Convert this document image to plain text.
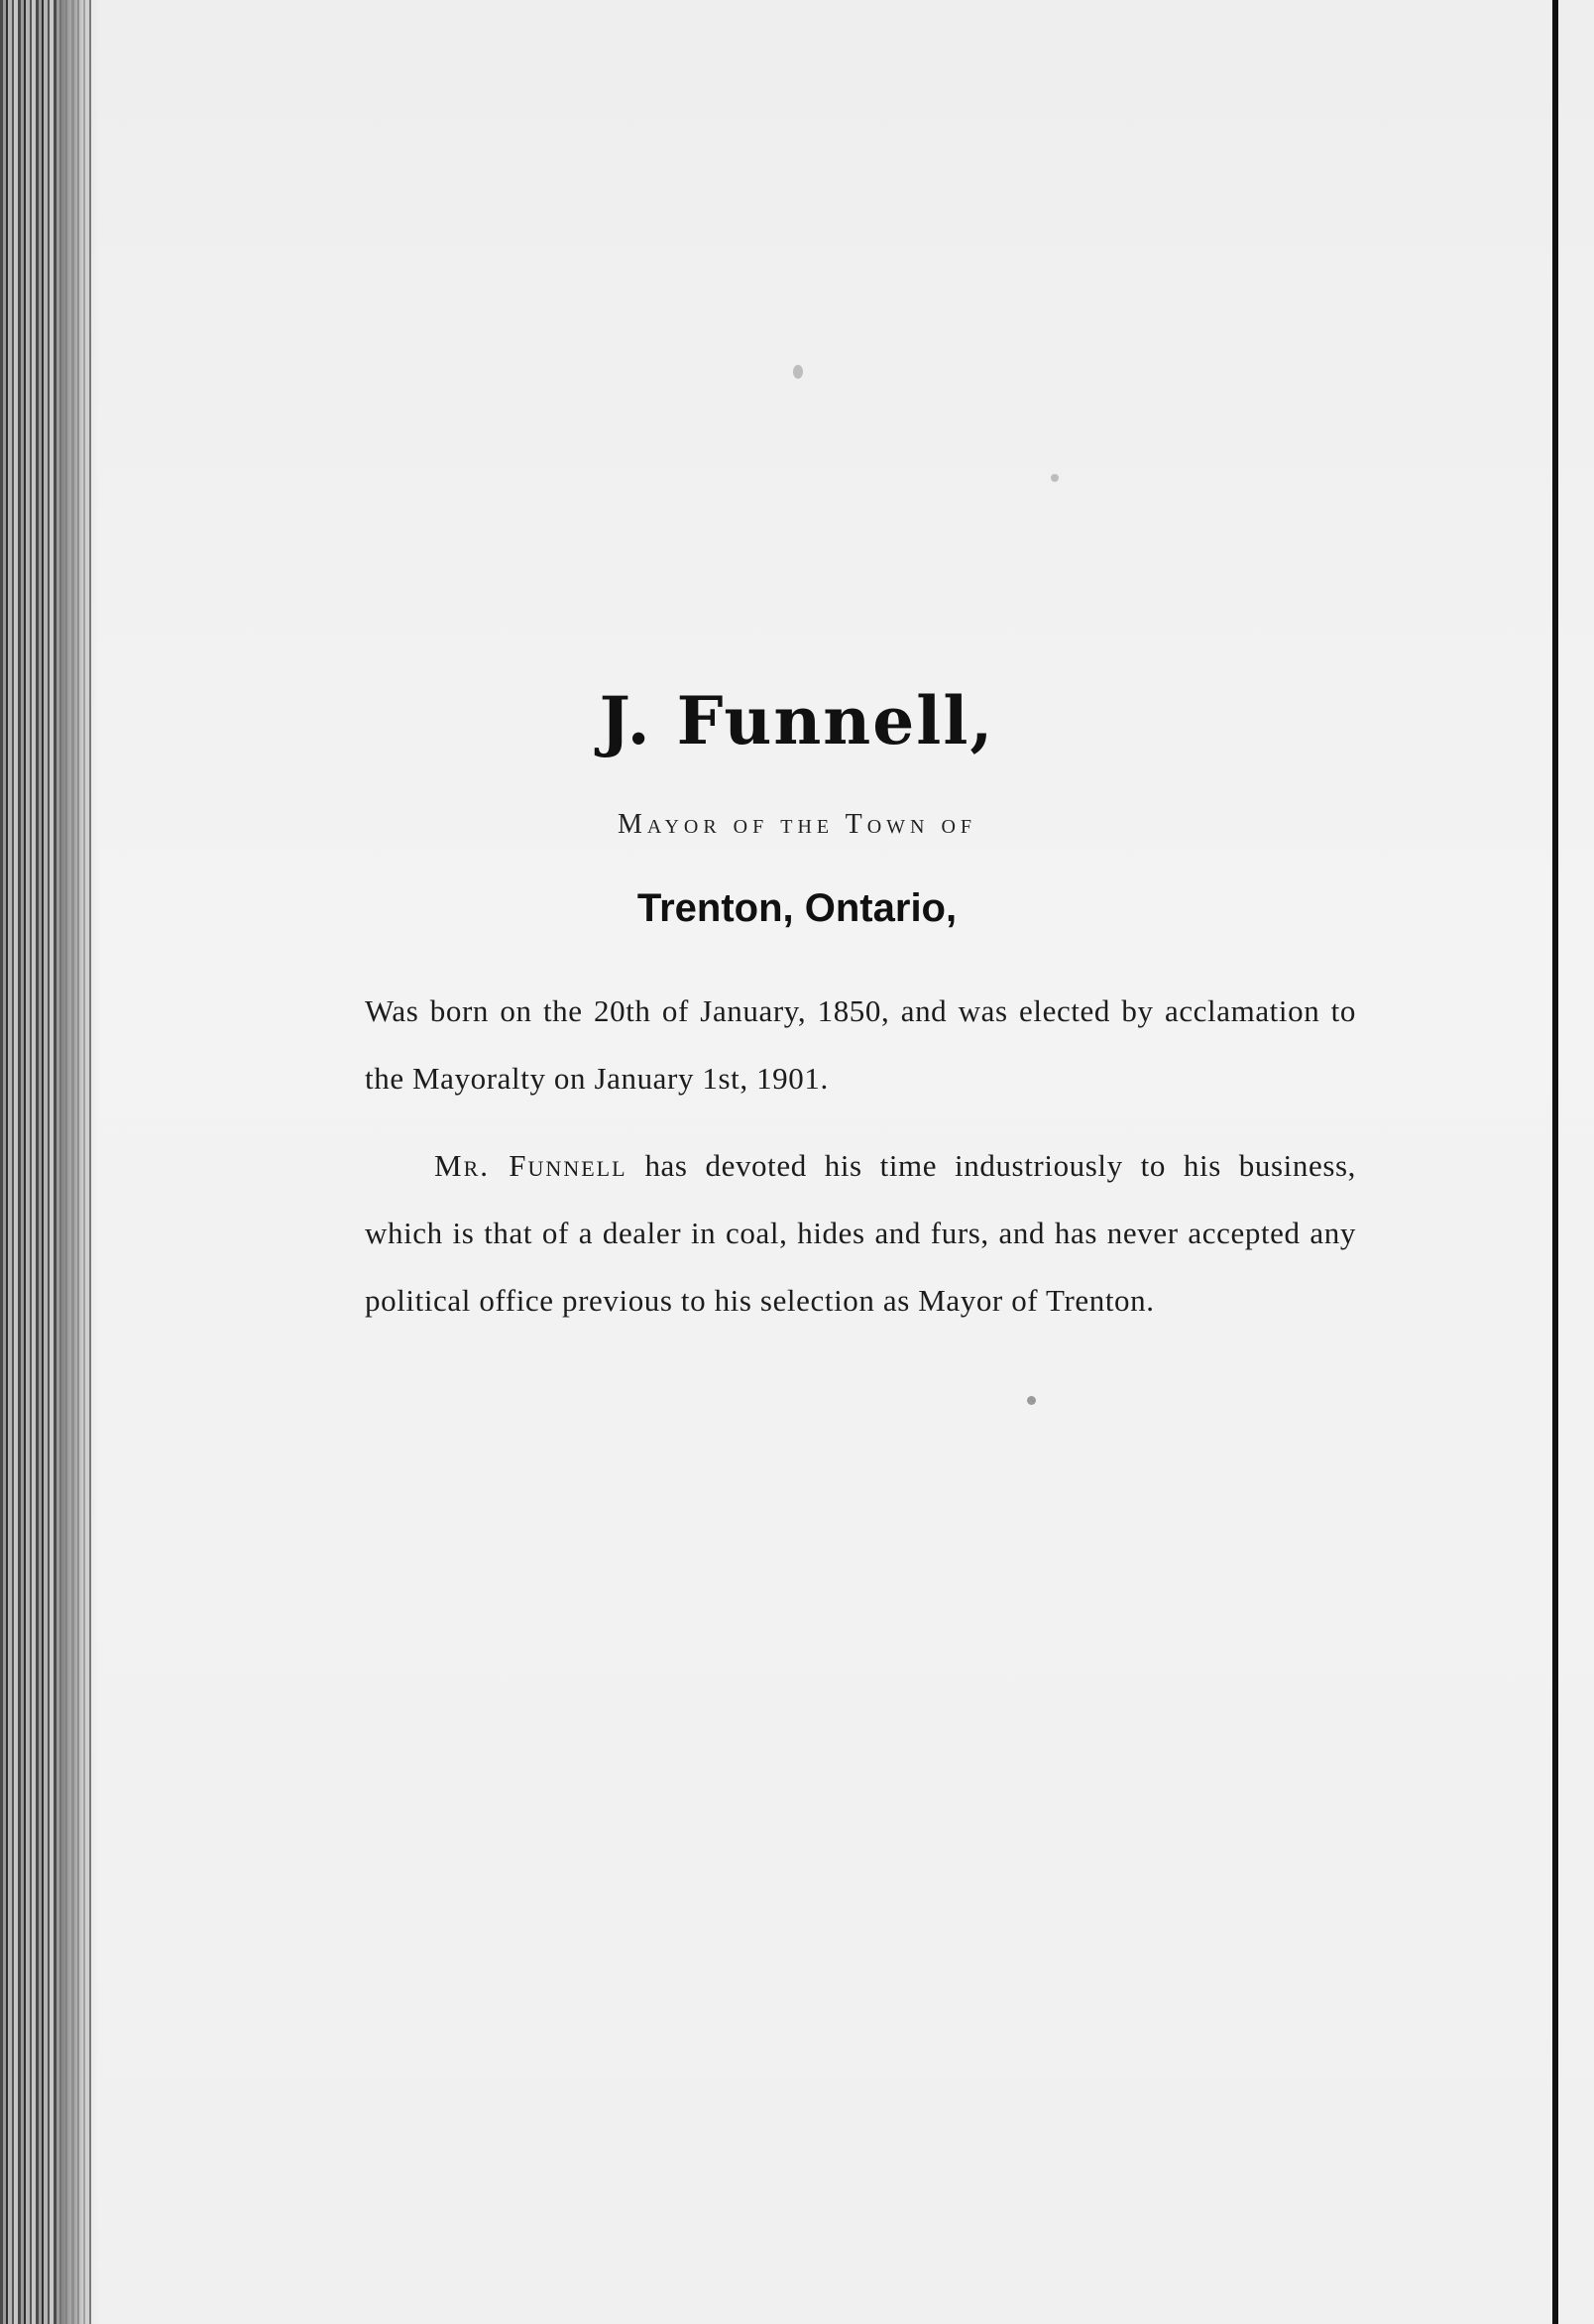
J. Funnell,
Mayor of the Town of
Trenton, Ontario,
Was born on the 20th of January, 1850, and was elected by acclamation to the Mayoralty on January 1st, 1901.
Mr. Funnell has devoted his time industriously to his business, which is that of a dealer in coal, hides and furs, and has never accepted any political office previous to his selection as Mayor of Trenton.
